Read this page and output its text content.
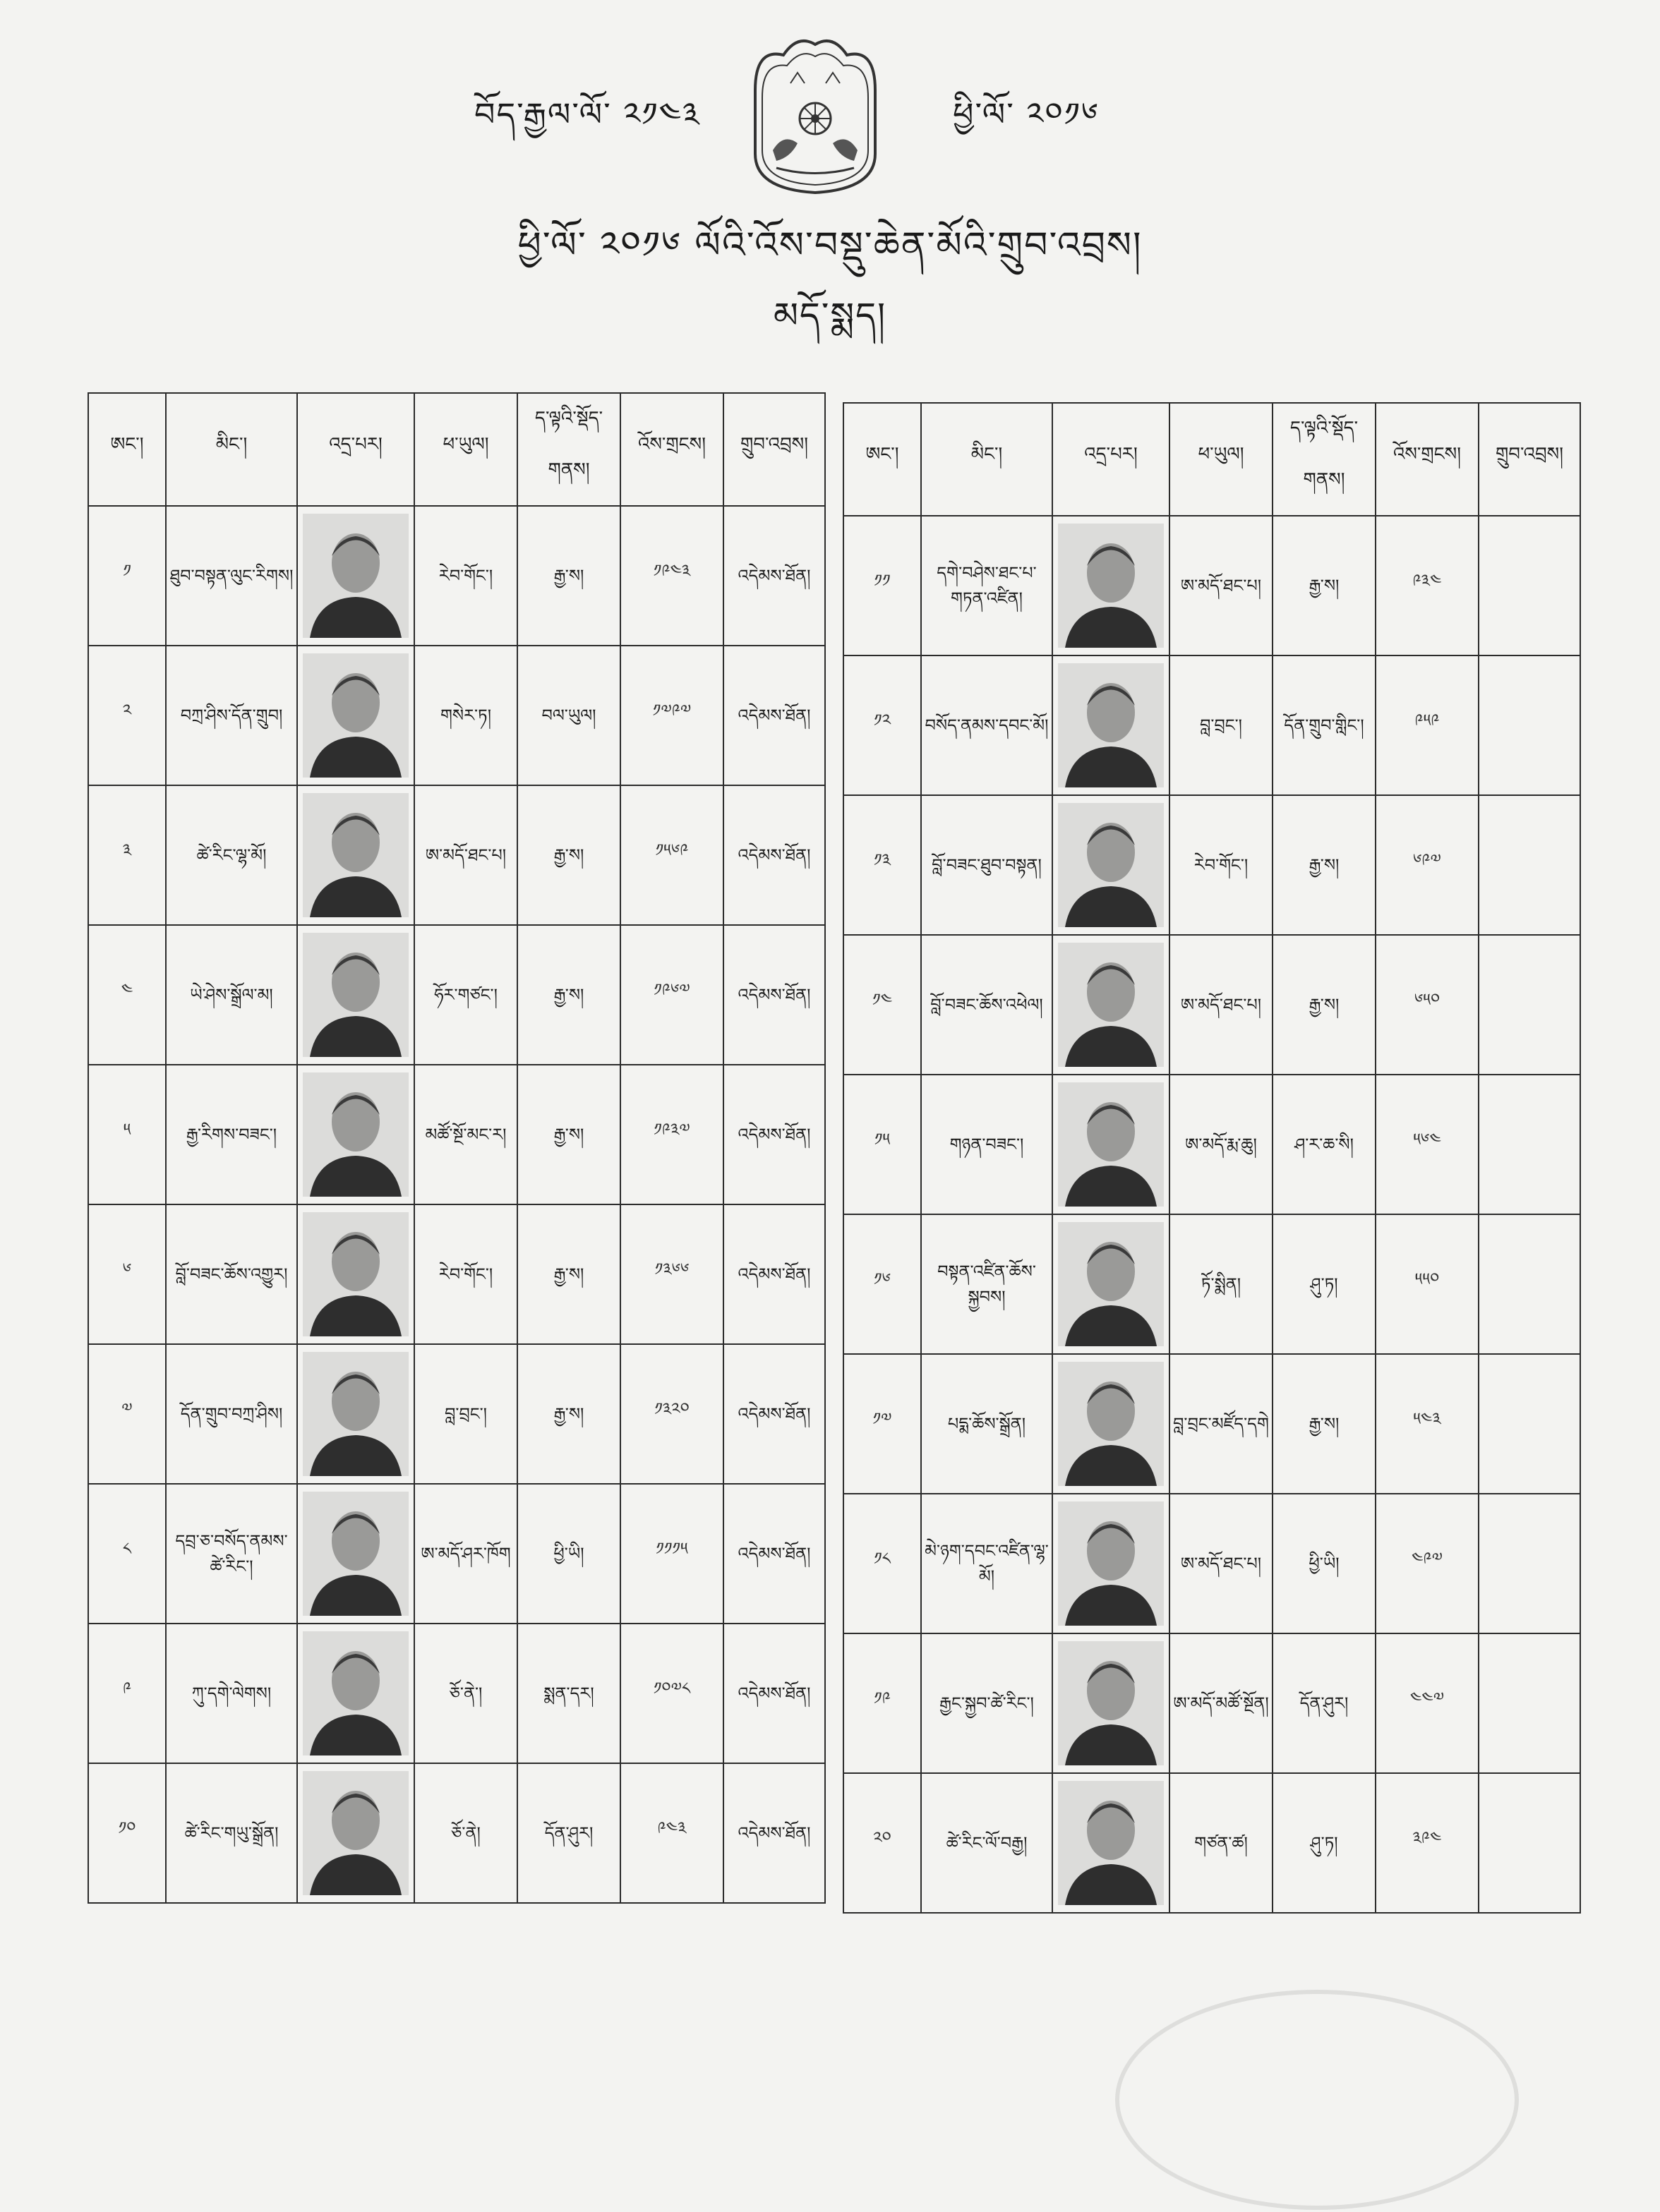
བོད་རྒྱལ་ལོ་ ༢༡༤༣	ཕྱི་ལོ་ ༢༠༡༦
ཕྱི་ལོ་ ༢༠༡༦ ལོའི་འོས་བསྡུ་ཆེན་མོའི་གྲུབ་འབྲས།
མདོ་སྨད།
ཨང་།	མིང་།	འདྲ་པར།	ཕ་ཡུལ།	ད་ལྟའི་སྡོད་གནས།	འོས་གྲངས།	གྲུབ་འབྲས།
༡	ཐུབ་བསྟན་ལུང་རིགས།		རེབ་གོང་།	རྒྱ་ས།	༡༩༤༣	འདེམས་ཐོན།
༢	བཀྲ་ཤིས་དོན་གྲུབ།		གསེར་ཏ།	བལ་ཡུལ།	༡༧༩༧	འདེམས་ཐོན།
༣	ཚེ་རིང་ལྷ་མོ།		ཨ་མདོ་ཐང་པ།	རྒྱ་ས།	༡༥༦༩	འདེམས་ཐོན།
༤	ཡེ་ཤེས་སྒྲོལ་མ།		ཧོར་གཙང་།	རྒྱ་ས།	༡༩༦༧	འདེམས་ཐོན།
༥	རྒྱ་རིགས་བཟང་།		མཚོ་སྔོ་མང་ར།	རྒྱ་ས།	༡༩༣༧	འདེམས་ཐོན།
༦	བློ་བཟང་ཆོས་འགྱུར།		རེབ་གོང་།	རྒྱ་ས།	༡༣༦༦	འདེམས་ཐོན།
༧	དོན་གྲུབ་བཀྲ་ཤིས།		བླ་བྲང་།	རྒྱ་ས།	༡༣༢༠	འདེམས་ཐོན།
༨	དབྲ་ཅ་བསོད་ནམས་ཚེ་རིང་།		ཨ་མདོ་ཤར་ཁོག	ཕྱི་ཡི།	༡༡༡༥	འདེམས་ཐོན།
༩	ཀུ་དགེ་ལེགས།		ཅོ་ནེ་།	སྨན་དར།	༡༠༧༨	འདེམས་ཐོན།
༡༠	ཚེ་རིང་གཡུ་སྒྲོན།		ཅོ་ནེ།	དོན་ཤུར།	༩༤༣	འདེམས་ཐོན།
ཨང་།	མིང་།	འདྲ་པར།	ཕ་ཡུལ།	ད་ལྟའི་སྡོད་གནས།	འོས་གྲངས།	གྲུབ་འབྲས།
༡༡	དགེ་བཤེས་ཐང་པ་གཏན་འཛིན།		ཨ་མདོ་ཐང་པ།	རྒྱ་ས།	༩༣༤	
༡༢	བསོད་ནམས་དབང་མོ།		བླ་བྲང་།	དོན་གྲུབ་གླིང་།	༩༥༩	
༡༣	བློ་བཟང་ཐུབ་བསྟན།		རེབ་གོང་།	རྒྱ་ས།	༦༩༧	
༡༤	བློ་བཟང་ཆོས་འཕེལ།		ཨ་མདོ་ཐང་པ།	རྒྱ་ས།	༦༥༠	
༡༥	གཉན་བཟང་།		ཨ་མདོ་རྨ་ཆུ།	ཤ་ར་ཆ་སི།	༥༦༤	
༡༦	བསྟན་འཛིན་ཆོས་སྐྱབས།		ཏོ་སྨིན།	ཤུ་ཏ།	༥༥༠	
༡༧	པདྨ་ཆོས་སྒྲོན།		བླ་བྲང་མཛོད་དགེ	རྒྱ་ས།	༥༤༣	
༡༨	མེ་ཉག་དབང་འཛིན་ལྷ་མོ།		ཨ་མདོ་ཐང་པ།	ཕྱི་ཡི།	༤༩༧	
༡༩	རྒྱང་སྐྱབ་ཚེ་རིང་།		ཨ་མདོ་མཚོ་སྔོན།	དོན་ཤུར།	༤༤༧	
༢༠	ཚེ་རིང་ལོ་བརྒྱ།		གཙན་ཚ།	ཤུ་ཏ།	༣༩༤	
